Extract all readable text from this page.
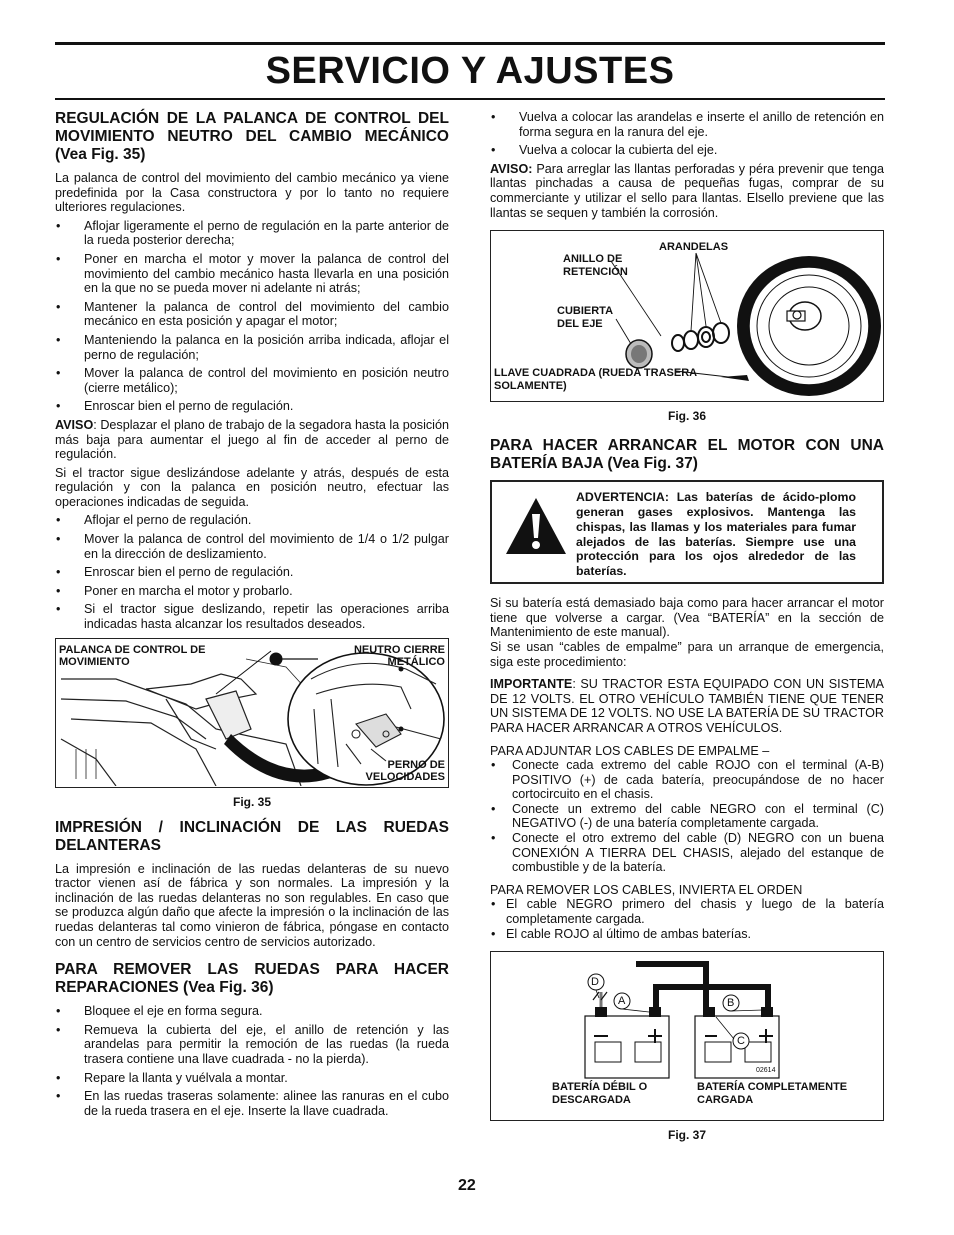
SERVICIO Y AJUSTES
REGULACIÓN DE LA PALANCA DE CONTROL DEL MOVIMIENTO NEUTRO DEL CAMBIO MECÁNICO (Vea Fig. 35)

La palanca de control del movimiento del cambio mecánico ya viene predefinida por la Casa constructora y por lo tanto no requiere ulteriores regulaciones.

• Aflojar ligeramente el perno de regulación en la parte anterior de la rueda posterior derecha;
• Poner en marcha el motor y mover la palanca de control del movimiento del cambio mecánico hasta llevarla en una posición en la que no se pueda mover ni adelante ni atrás;
• Mantener la palanca de control del movimiento del cambio mecánico en esta posición y apagar el motor;
• Manteniendo la palanca en la posición arriba indicada, aflojar el perno de regulación;
• Mover la palanca de control del movimiento en posición neutro (cierre metálico);
• Enroscar bien el perno de regulación.

AVISO: Desplazar el plano de trabajo de la segadora hasta la posición más baja para aumentar el juego al fin de acceder al perno de regulación.

Si el tractor sigue deslizándose adelante y atrás, después de esta regulación y con la palanca en posición neutro, efectuar las operaciones indicadas de seguida.

• Aflojar el perno de regulación.
• Mover la palanca de control del movimiento de 1/4 o 1/2 pulgar en la dirección de deslizamiento.
• Enroscar bien el perno de regulación.
• Poner en marcha el motor y probarlo.
• Si el tractor sigue deslizando, repetir las operaciones arriba indicadas hasta alcanzar los resultados deseados.
PALANCA DE CONTROL DE MOVIMIENTO
NEUTRO CIERRE METÁLICO
PERNO DE VELOCIDADES
Fig. 35
IMPRESIÓN / INCLINACIÓN DE LAS RUEDAS DELANTERAS

La impresión e inclinación de las ruedas delanteras de su nuevo tractor vienen así de fábrica y son normales. La impresión y la inclinación de las ruedas delanteras no son regulables. En caso que se produzca algún daño que afecte la impresión o la inclinación de las ruedas delanteras tal como vinieron de fábrica, póngase en contacto con un centro de servicios centro de servicios autorizado.

PARA REMOVER LAS RUEDAS PARA HACER REPARACIONES (Vea Fig. 36)
• Bloquee el eje en forma segura.
• Remueva la cubierta del eje, el anillo de retención y las arandelas para permitir la remoción de las ruedas (la rueda trasera contiene una llave cuadrada - no la pierda).
• Repare la llanta y vuélvala a montar.
• En las ruedas traseras solamente: alinee las ranuras en el cubo de la rueda trasera en el eje. Inserte la llave cuadrada.
• Vuelva a colocar las arandelas e inserte el anillo de retención en forma segura en la ranura del eje.
• Vuelva a colocar la cubierta del eje.

AVISO: Para arreglar las llantas perforadas y péra prevenir que tenga llantas pinchadas a causa de pequeñas fugas, comprar de su commerciante y utilizar el sello para llantas. Elsello previene que las llantas se sequen y también la corrosión.

ANILLO DE RETENCIÓN
ARANDELAS
CUBIERTA DEL EJE
LLAVE CUADRADA (RUEDA TRASERA SOLAMENTE)
Fig. 36
PARA HACER ARRANCAR EL MOTOR CON UNA BATERÍA BAJA (Vea Fig. 37)

ADVERTENCIA: Las baterías de ácido-plomo generan gases explosivos. Mantenga las chispas, las llamas y los materiales para fumar alejados de las baterías. Siempre use una protección para los ojos alrededor de las baterías.

Si su batería está demasiado baja como para hacer arrancar el motor tiene que volverse a cargar. (Vea “BATERÍA” en la sección de Mantenimiento de este manual).

Si se usan “cables de empalme” para un arranque de emergencia, siga este procedimiento:

IMPORTANTE: SU TRACTOR ESTA EQUIPADO CON UN SISTEMA DE 12 VOLTS. EL OTRO VEHÍCULO TAMBIÉN TIENE QUE TENER UN SISTEMA DE 12 VOLTS. NO USE LA BATERÍA DE SU TRACTOR PARA HACER ARRANCAR A OTROS VEHÍCULOS.

PARA ADJUNTAR LOS CABLES DE EMPALME –

• Conecte cada extremo del cable ROJO con el terminal (A-B) POSITIVO (+) de cada batería, preocupándose de no hacer cortocircuito en el chasis.
• Conecte un extremo del cable NEGRO con el terminal (C) NEGATIVO (-) de una batería completamente cargada.
• Conecte el otro extremo del cable (D) NEGRO con un buena CONEXIÓN A TIERRA DEL CHASIS, alejado del estanque de combustible y de la batería.

PARA REMOVER LOS CABLES, INVIERTA EL ORDEN

• El cable NEGRO primero del chasis y luego de la batería completamente cargada.
• El cable ROJO al último de ambas baterías.
D
A	B
C
02614
BATERÍA DÉBIL O DESCARGADA
BATERÍA COMPLETAMENTE CARGADA
Fig. 37
22
